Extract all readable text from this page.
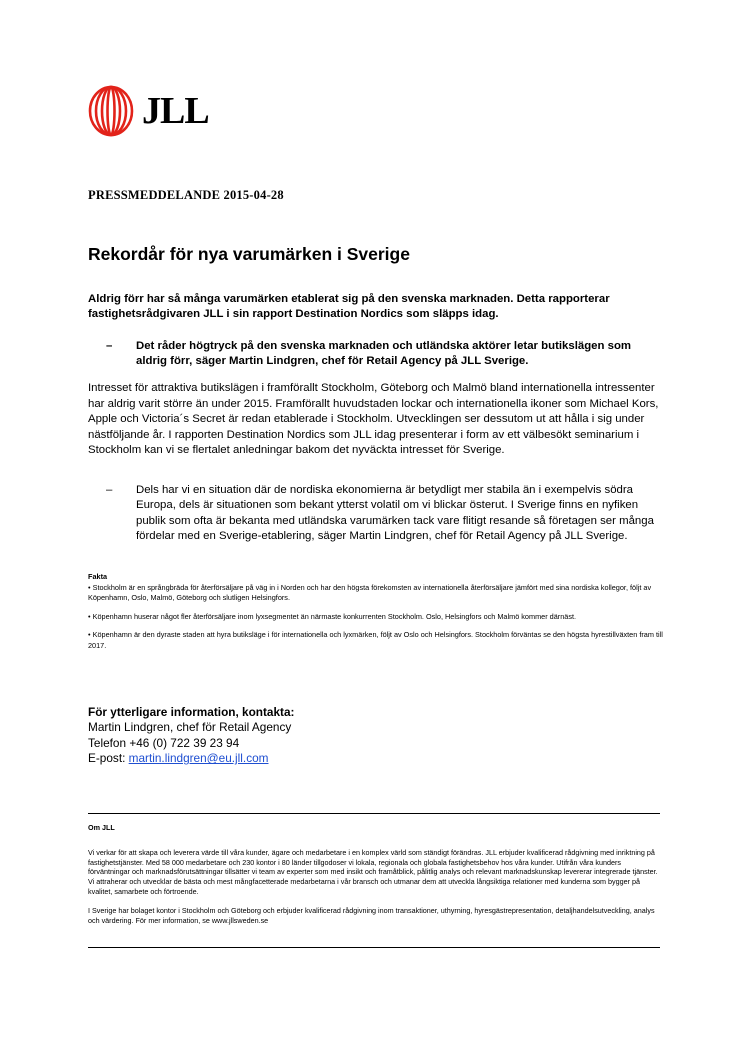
JLL
PRESSMEDDELANDE 2015-04-28
Rekordår för nya varumärken i Sverige
Aldrig förr har så många varumärken etablerat sig på den svenska marknaden. Detta rapporterar fastighetsrådgivaren JLL i sin rapport Destination Nordics som släpps idag.
–	Det råder högtryck på den svenska marknaden och utländska aktörer letar butikslägen som aldrig förr, säger Martin Lindgren, chef för Retail Agency på JLL Sverige.
Intresset för attraktiva butikslägen i framförallt Stockholm, Göteborg och Malmö bland internationella intressenter har aldrig varit större än under 2015. Framförallt huvudstaden lockar och internationella ikoner som Michael Kors, Apple och Victoria´s Secret är redan etablerade i Stockholm. Utvecklingen ser dessutom ut att hålla i sig under nästföljande år. I rapporten Destination Nordics som JLL idag presenterar i form av ett välbesökt seminarium i Stockholm kan vi se flertalet anledningar bakom det nyväckta intresset för Sverige.
–	Dels har vi en situation där de nordiska ekonomierna är betydligt mer stabila än i exempelvis södra Europa, dels är situationen som bekant ytterst volatil om vi blickar österut. I Sverige finns en nyfiken publik som ofta är bekanta med utländska varumärken tack vare flitigt resande så företagen ser många fördelar med en Sverige-etablering, säger Martin Lindgren, chef för Retail Agency på JLL Sverige.
Fakta

• Stockholm är en språngbräda för återförsäljare på väg in i Norden och har den högsta förekomsten av internationella återförsäljare jämfört med sina nordiska kollegor, följt av Köpenhamn, Oslo, Malmö, Göteborg och slutligen Helsingfors.

• Köpenhamn huserar något fler återförsäljare inom lyxsegmentet än närmaste konkurrenten Stockholm. Oslo, Helsingfors och Malmö kommer därnäst.

• Köpenhamn är den dyraste staden att hyra butikslägе i för internationella och lyxmärken, följt av Oslo och Helsingfors. Stockholm förväntas se den högsta hyrestillväxten fram till 2017.

För ytterligare information, kontakta:
Martin Lindgren, chef för Retail Agency
Telefon +46 (0) 722 39 23 94
E-post: martin.lindgren@eu.jll.com
Om JLL

Vi verkar för att skapa och leverera värde till våra kunder, ägare och medarbetare i en komplex värld som ständigt förändras. JLL erbjuder kvalificerad rådgivning med inriktning på fastighetstjänster. Med 58 000 medarbetare och 230 kontor i 80 länder tillgodoser vi lokala, regionala och globala fastighetsbehov hos våra kunder. Utifrån våra kunders förväntningar och marknadsförutsättningar tillsätter vi team av experter som med insikt och framåtblick, pålitlig analys och relevant marknadskunskap levererar integrerade tjänster. Vi attraherar och utvecklar de bästa och mest mångfacetterade medarbetarna i vår bransch och utmanar dem att utveckla långsiktiga relationer med kunderna som bygger på kvalitet, samarbete och förtroende.

I Sverige har bolaget kontor i Stockholm och Göteborg och erbjuder kvalificerad rådgivning inom transaktioner, uthyrning, hyresgästrepresentation, detaljhandelsutveckling, analys och värdering. För mer information, se www.jllsweden.se
